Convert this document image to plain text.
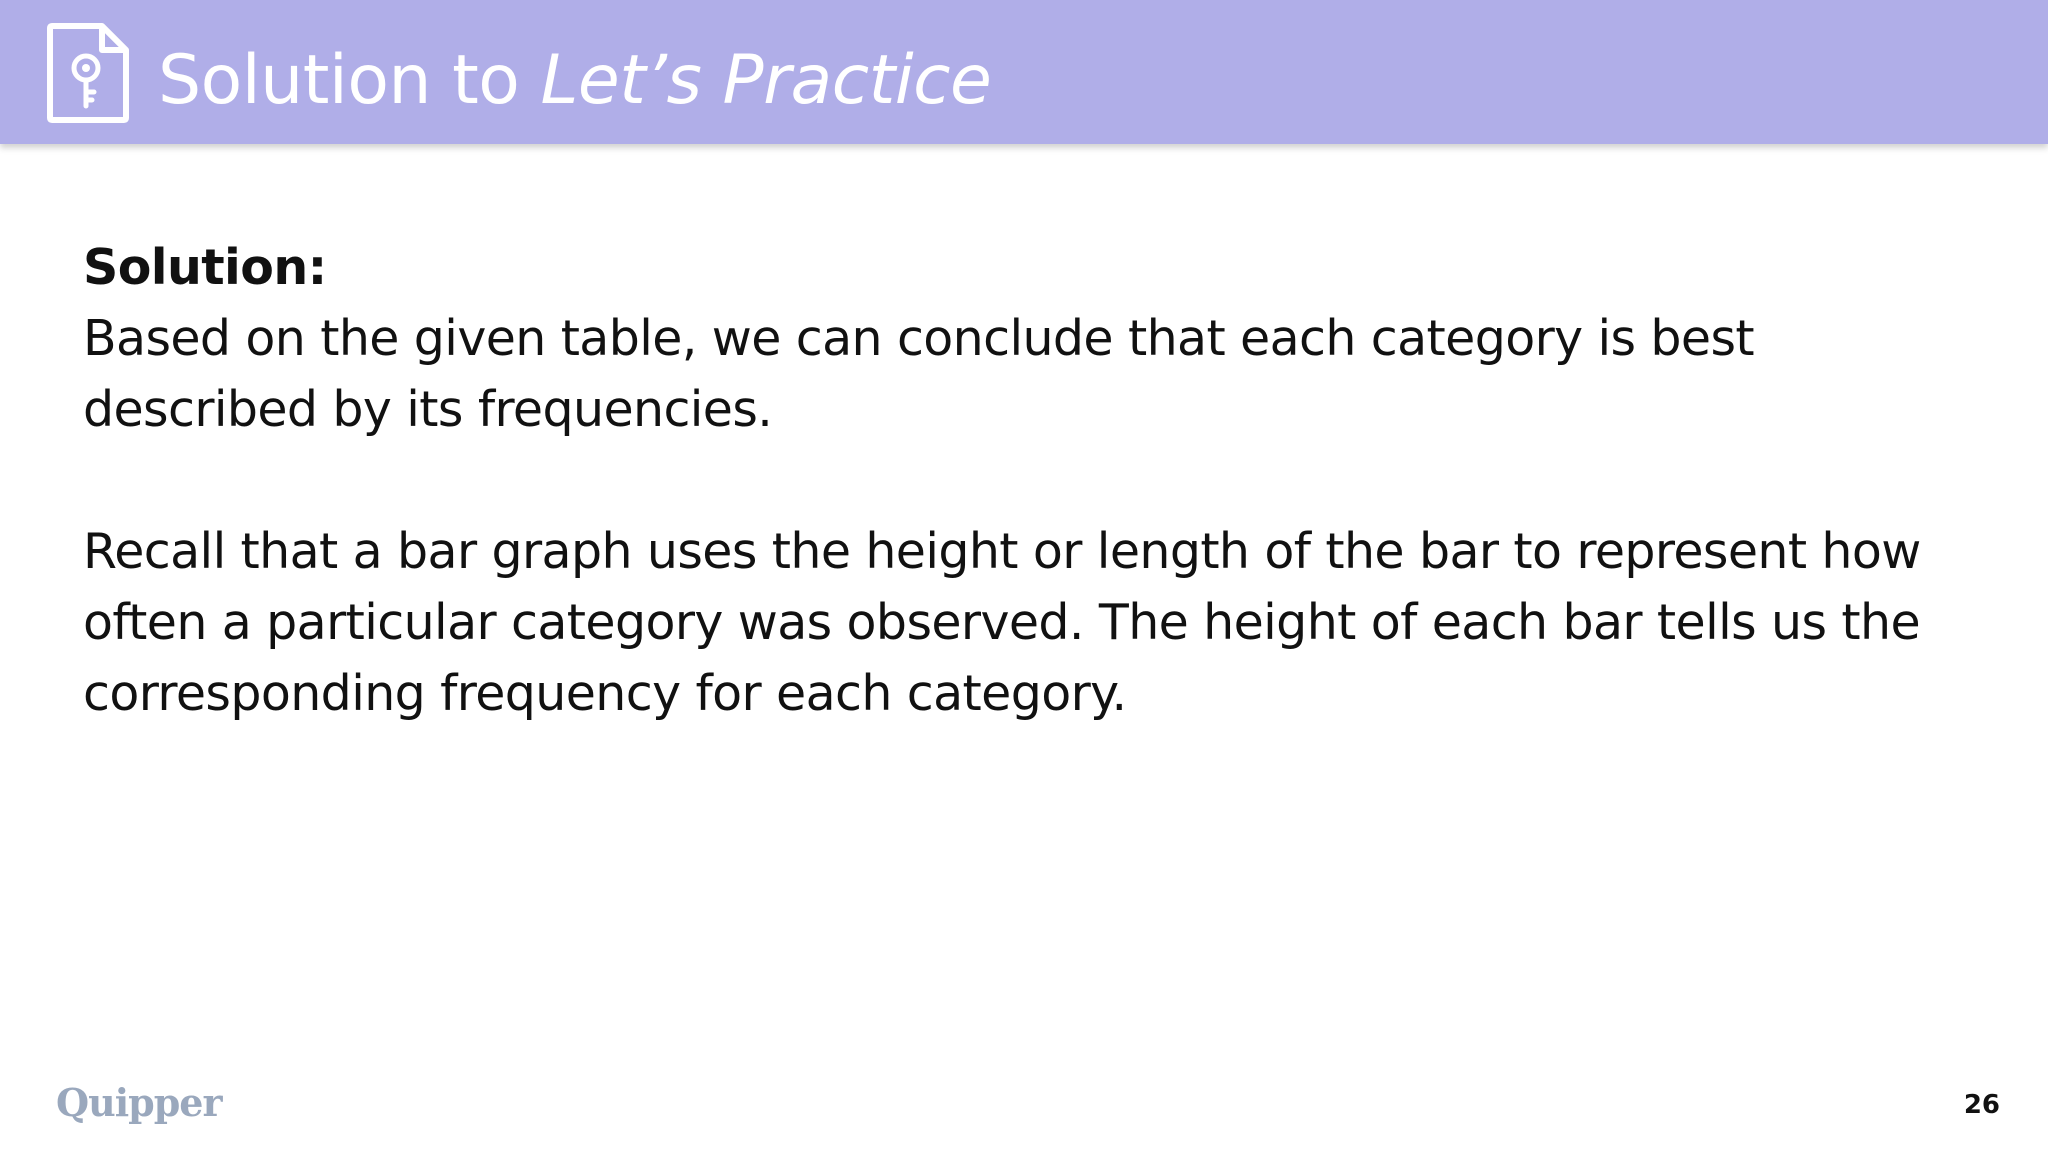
Solution to Let’s Practice

Solution:

Based on the given table, we can conclude that each category is best described by its frequencies.

Recall that a bar graph uses the height or length of the bar to represent how often a particular category was observed. The height of each bar tells us the corresponding frequency for each category.

Quipper	26
